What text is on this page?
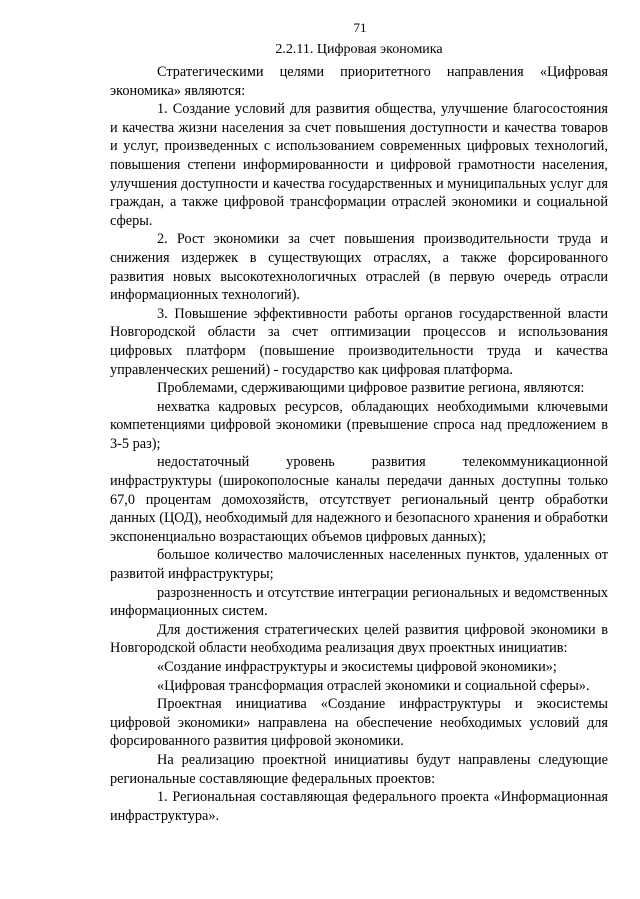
71
2.2.11. Цифровая экономика

Стратегическими целями приоритетного направления «Цифровая экономика» являются:

1. Создание условий для развития общества, улучшение благосостояния и качества жизни населения за счет повышения доступности и качества товаров и услуг, произведенных с использованием современных цифровых технологий, повышения степени информированности и цифровой грамотности населения, улучшения доступности и качества государственных и муниципальных услуг для граждан, а также цифровой трансформации отраслей экономики и социальной сферы.

2. Рост экономики за счет повышения производительности труда и снижения издержек в существующих отраслях, а также форсированного развития новых высокотехнологичных отраслей (в первую очередь отрасли информационных технологий).

3. Повышение эффективности работы органов государственной власти Новгородской области за счет оптимизации процессов и использования цифровых платформ (повышение производительности труда и качества управленческих решений) - государство как цифровая платформа.

Проблемами, сдерживающими цифровое развитие региона, являются:

нехватка кадровых ресурсов, обладающих необходимыми ключевыми компетенциями цифровой экономики (превышение спроса над предложением в 3-5 раз);

недостаточный уровень развития телекоммуникационной инфраструктуры (широкополосные каналы передачи данных доступны только 67,0 процентам домохозяйств, отсутствует региональный центр обработки данных (ЦОД), необходимый для надежного и безопасного хранения и обработки экспоненциально возрастающих объемов цифровых данных);

большое количество малочисленных населенных пунктов, удаленных от развитой инфраструктуры;

разрозненность и отсутствие интеграции региональных и ведомственных информационных систем.

Для достижения стратегических целей развития цифровой экономики в Новгородской области необходима реализация двух проектных инициатив:

«Создание инфраструктуры и экосистемы цифровой экономики»;

«Цифровая трансформация отраслей экономики и социальной сферы».

Проектная инициатива «Создание инфраструктуры и экосистемы цифровой экономики» направлена на обеспечение необходимых условий для форсированного развития цифровой экономики.

На реализацию проектной инициативы будут направлены следующие региональные составляющие федеральных проектов:

1. Региональная составляющая федерального проекта «Информационная инфраструктура».
